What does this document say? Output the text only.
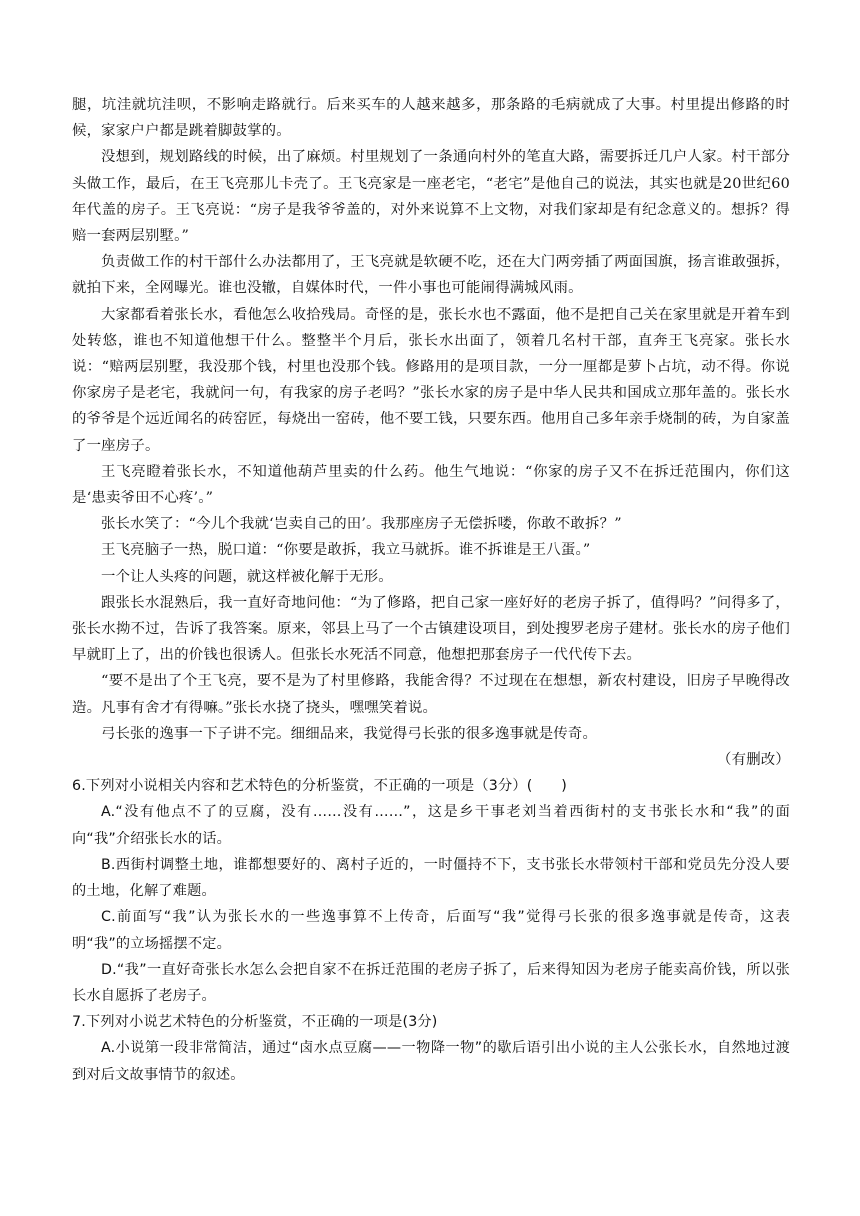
腿，坑洼就坑洼呗，不影响走路就行。后来买车的人越来越多，那条路的毛病就成了大事。村里提出修路的时候，家家户户都是跳着脚鼓掌的。

没想到，规划路线的时候，出了麻烦。村里规划了一条通向村外的笔直大路，需要拆迁几户人家。村干部分头做工作，最后，在王飞亮那儿卡壳了。王飞亮家是一座老宅，“老宅”是他自己的说法，其实也就是20世纪60年代盖的房子。王飞亮说：“房子是我爷爷盖的，对外来说算不上文物，对我们家却是有纪念意义的。想拆？得赔一套两层别墅。”

负责做工作的村干部什么办法都用了，王飞亮就是软硬不吃，还在大门两旁插了两面国旗，扬言谁敢强拆，就拍下来，全网曝光。谁也没辙，自媒体时代，一件小事也可能闹得满城风雨。

大家都看着张长水，看他怎么收拾残局。奇怪的是，张长水也不露面，他不是把自己关在家里就是开着车到处转悠，谁也不知道他想干什么。整整半个月后，张长水出面了，领着几名村干部，直奔王飞亮家。张长水说：“赔两层别墅，我没那个钱，村里也没那个钱。修路用的是项目款，一分一厘都是萝卜占坑，动不得。你说你家房子是老宅，我就问一句，有我家的房子老吗？”张长水家的房子是中华人民共和国成立那年盖的。张长水的爷爷是个远近闻名的砖窑匠，每烧出一窑砖，他不要工钱，只要东西。他用自己多年亲手烧制的砖，为自家盖了一座房子。

王飞亮瞪着张长水，不知道他葫芦里卖的什么药。他生气地说：“你家的房子又不在拆迁范围内，你们这是‘患卖爷田不心疼’。”

张长水笑了：“今儿个我就‘岂卖自己的田’。我那座房子无偿拆喽，你敢不敢拆？”

王飞亮脑子一热，脱口道：“你要是敢拆，我立马就拆。谁不拆谁是王八蛋。”

一个让人头疼的问题，就这样被化解于无形。

跟张长水混熟后，我一直好奇地问他：“为了修路，把自己家一座好好的老房子拆了，值得吗？”问得多了，张长水拗不过，告诉了我答案。原来，邻县上马了一个古镇建设项目，到处搜罗老房子建材。张长水的房子他们早就盯上了，出的价钱也很诱人。但张长水死活不同意，他想把那套房子一代代传下去。

“要不是出了个王飞亮，要不是为了村里修路，我能舍得？不过现在在想想，新农村建设，旧房子早晚得改造。凡事有舍才有得嘛。”张长水挠了挠头，嘿嘿笑着说。

弓长张的逸事一下子讲不完。细细品来，我觉得弓长张的很多逸事就是传奇。

（有删改）

6.下列对小说相关内容和艺术特色的分析鉴赏，不正确的一项是（3分）(　　)

A.“没有他点不了的豆腐，没有……没有……”，这是乡干事老刘当着西街村的支书张长水和“我”的面向“我”介绍张长水的话。

B.西街村调整土地，谁都想要好的、离村子近的，一时僵持不下，支书张长水带领村干部和党员先分没人要的土地，化解了难题。

C.前面写“我”认为张长水的一些逸事算不上传奇，后面写“我”觉得弓长张的很多逸事就是传奇，这表明“我”的立场摇摆不定。

D.“我”一直好奇张长水怎么会把自家不在拆迁范围的老房子拆了，后来得知因为老房子能卖高价钱，所以张长水自愿拆了老房子。

7.下列对小说艺术特色的分析鉴赏，不正确的一项是(3分)

A.小说第一段非常简洁，通过“卤水点豆腐——一物降一物”的歇后语引出小说的主人公张长水，自然地过渡到对后文故事情节的叙述。
